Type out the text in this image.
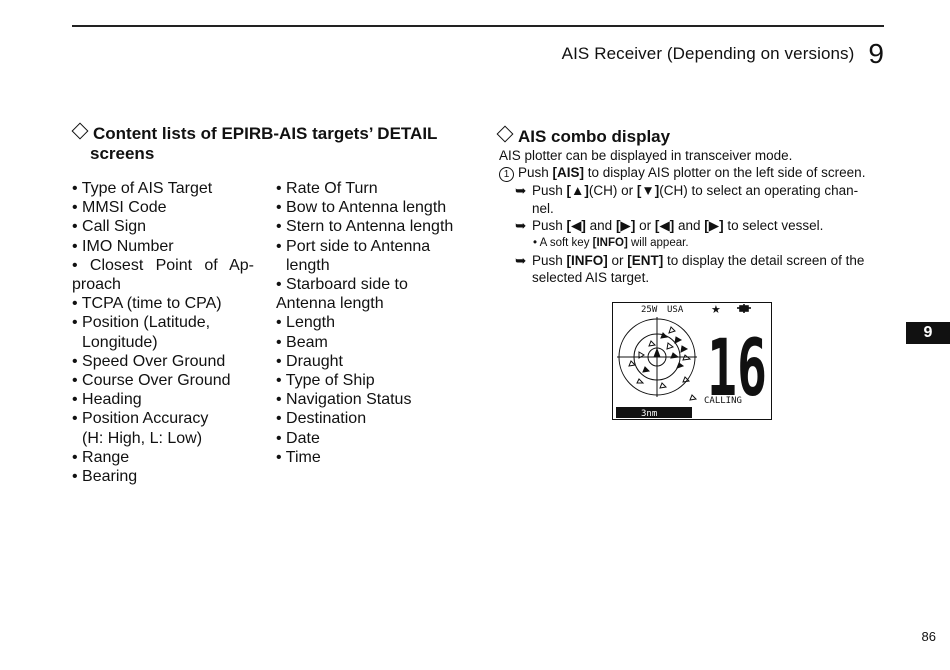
AIS Receiver (Depending on versions) 9
Content lists of EPIRB-AIS targets’ DETAIL
screens
• Type of AIS Target
• MMSI Code
• Call Sign
• IMO Number
• Closest Point of Ap-
proach
• TCPA (time to CPA)
• Position (Latitude,
Longitude)
• Speed Over Ground
• Course Over Ground
• Heading
• Position Accuracy
(H: High, L: Low)
• Range
• Bearing
• Rate Of Turn
• Bow to Antenna length
• Stern to Antenna length
• Port side to Antenna
length
• Starboard side to
Antenna length
• Length
• Beam
• Draught
• Type of Ship
• Navigation Status
• Destination
• Date
• Time
AIS combo display

AIS plotter can be displayed in transceiver mode.

1 Push [AIS] to display AIS plotter on the left side of screen.

➥ Push [▲](CH) or [▼](CH) to select an operating chan-
nel.

➥ Push [◀] and [▶] or [◀] and [▶] to select vessel.

• A soft key [INFO] will appear.

➥ Push [INFO] or [ENT] to display the detail screen of the
selected AIS target.

25W USA	★
16
CALLING
3nm
9
86
